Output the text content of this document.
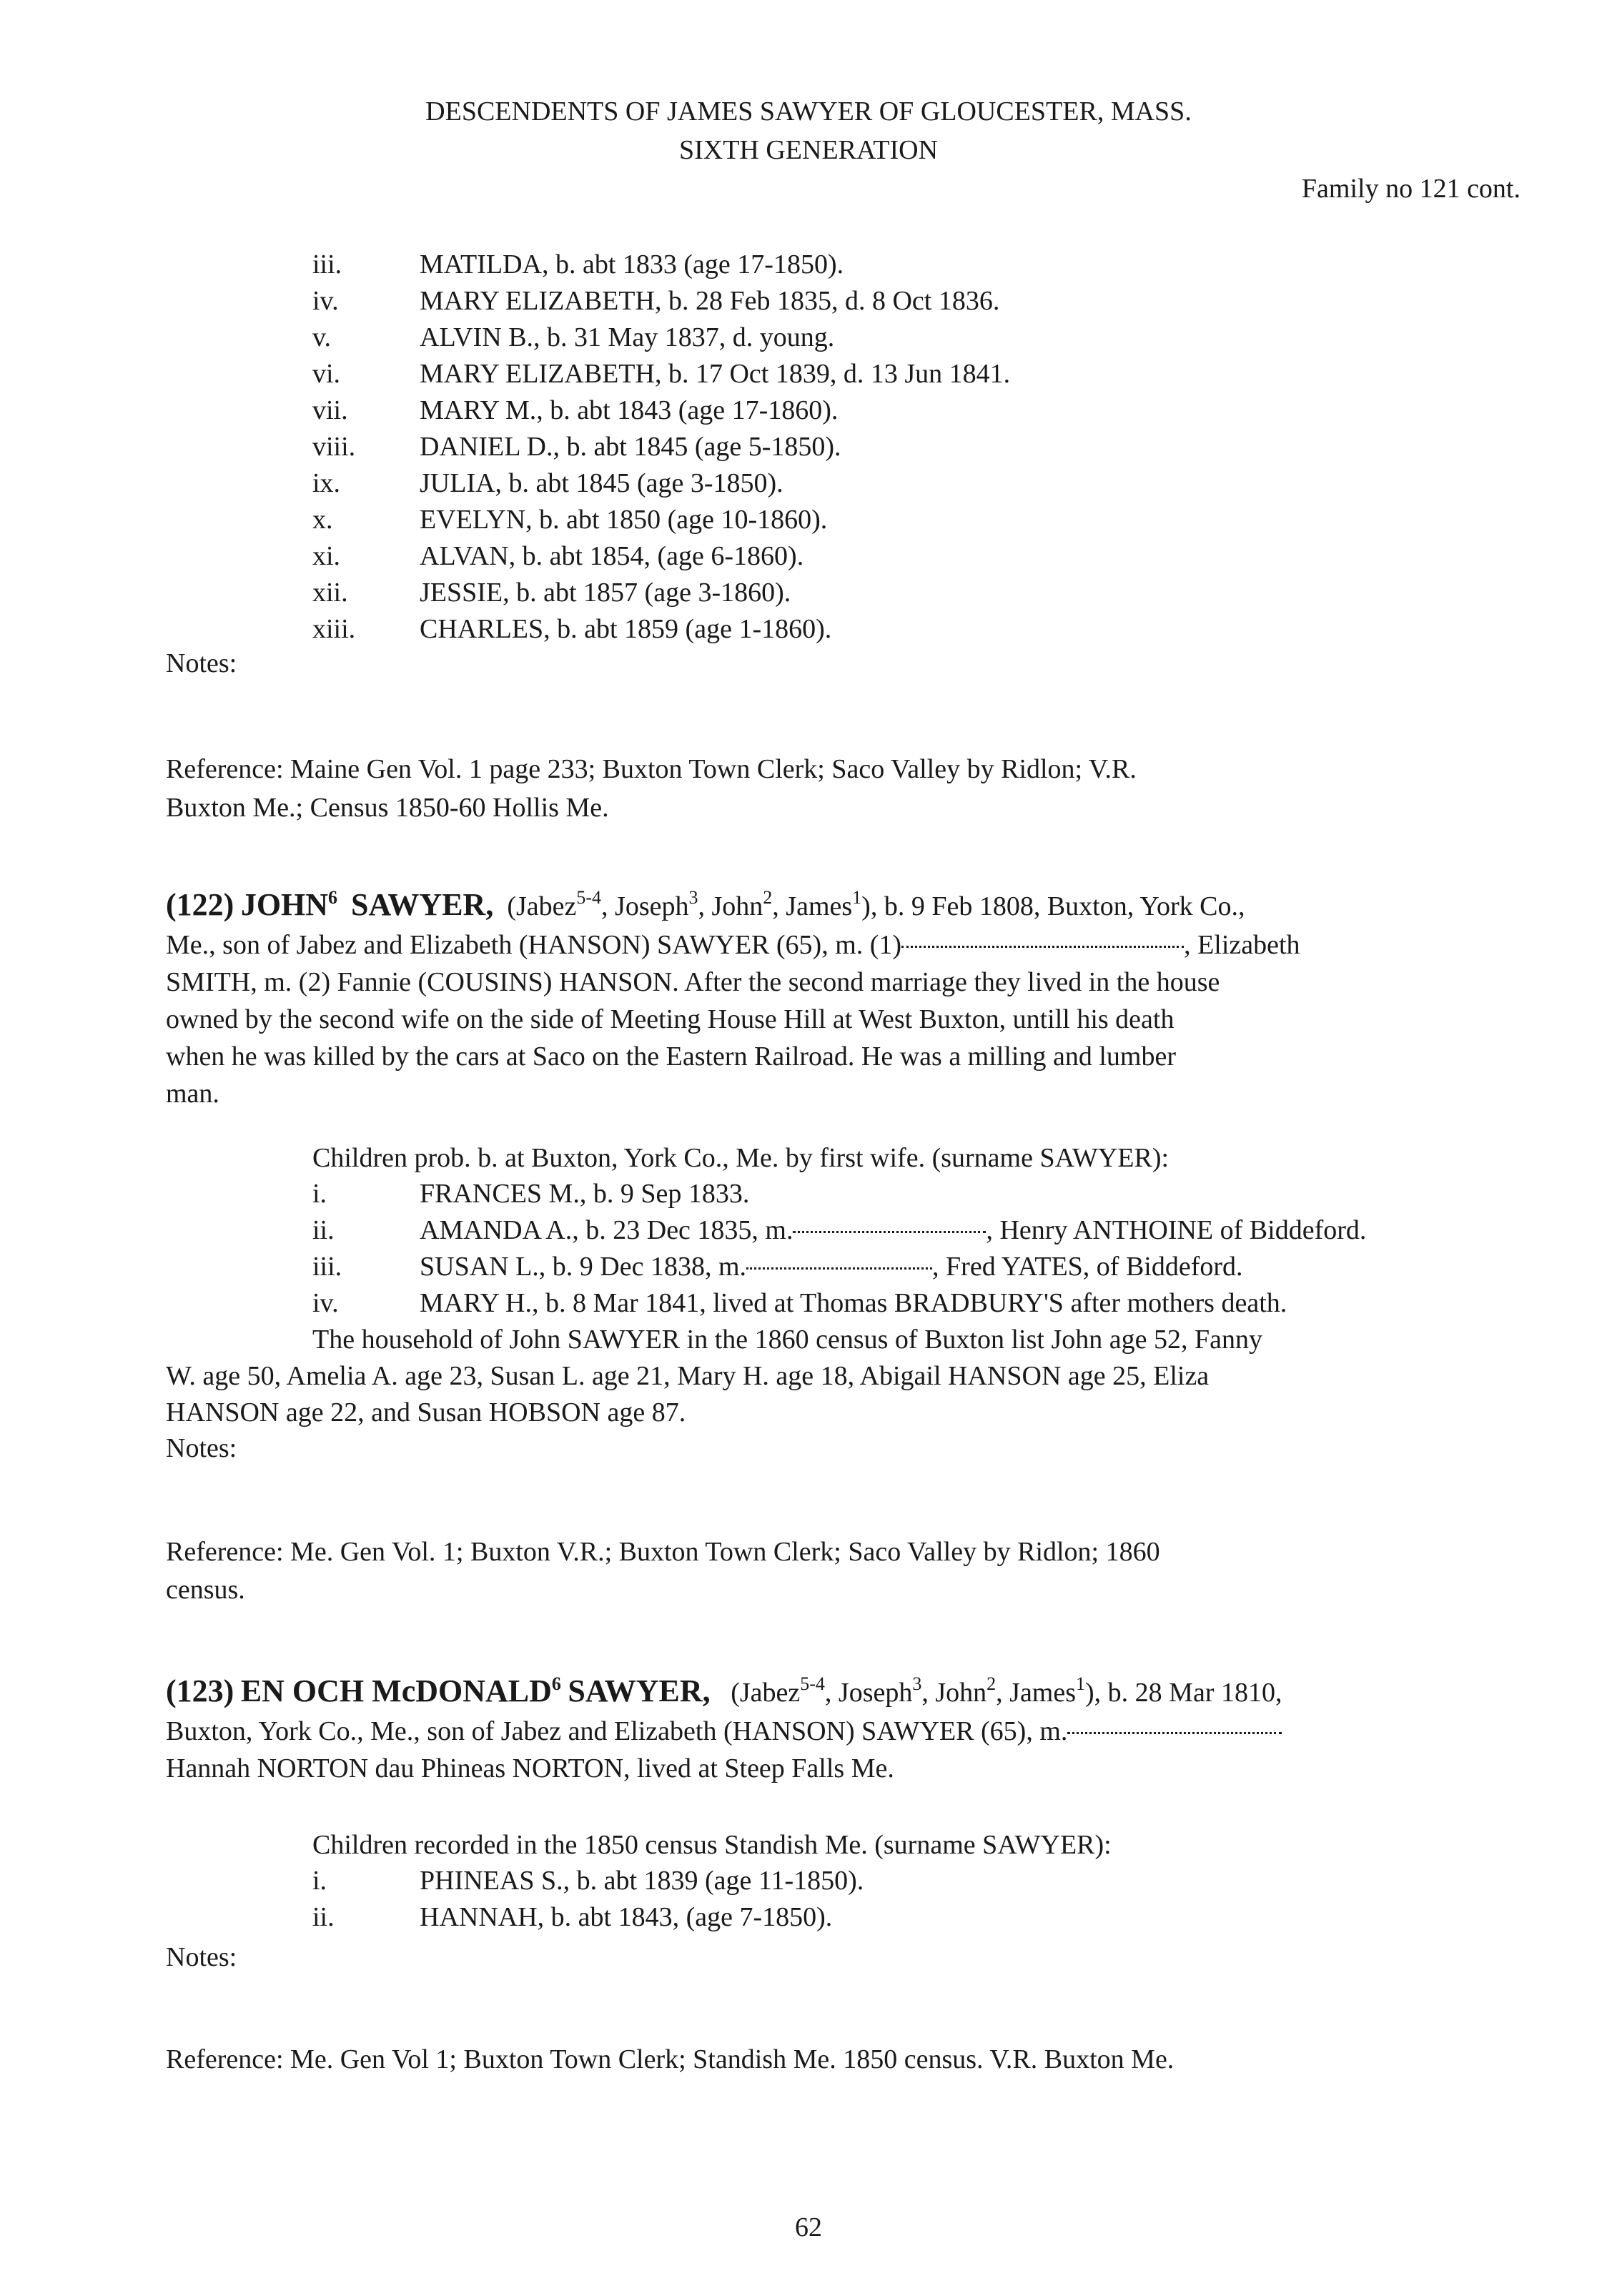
DESCENDENTS OF JAMES SAWYER OF GLOUCESTER, MASS.
SIXTH GENERATION
Family no 121 cont.
iii.	MATILDA, b. abt 1833 (age 17-1850).
iv.	MARY ELIZABETH, b. 28 Feb 1835, d. 8 Oct 1836.
v.	ALVIN B., b. 31 May 1837, d. young.
vi.	MARY ELIZABETH, b. 17 Oct 1839, d. 13 Jun 1841.
vii.	MARY M., b. abt 1843 (age 17-1860).
viii. DANIEL D., b. abt 1845 (age 5-1850).
ix.	JULIA, b. abt 1845 (age 3-1850).
x.	EVELYN, b. abt 1850 (age 10-1860).
xi.	ALVAN, b. abt 1854, (age 6-1860).
xii.	JESSIE, b. abt 1857 (age 3-1860).
xiii. CHARLES, b. abt 1859 (age 1-1860).
Notes:
Reference: Maine Gen Vol. 1 page 233; Buxton Town Clerk; Saco Valley by Ridlon; V.R.
Buxton Me.; Census 1850-60 Hollis Me.
(122) JOHN$^6$ SAWYER, (Jabez$^{5-4}$, Joseph$^3$, John$^2$, James$^1$), b. 9 Feb 1808, Buxton, York Co.,
Me., son of Jabez and Elizabeth (HANSON) SAWYER (65), m. (1)	, Elizabeth
SMITH, m. (2) Fannie (COUSINS) HANSON. After the second marriage they lived in the house
owned by the second wife on the side of Meeting House Hill at West Buxton, untill his death
when he was killed by the cars at Saco on the Eastern Railroad. He was a milling and lumber
man.
Children prob. b. at Buxton, York Co., Me. by first wife. (surname SAWYER):
i.	FRANCES M., b. 9 Sep 1833.
ii.	AMANDA A., b. 23 Dec 1835, m.	, Henry ANTHOINE of Biddeford.
iii.	SUSAN L., b. 9 Dec 1838, m.	, Fred YATES, of Biddeford.
iv.	MARY H., b. 8 Mar 1841, lived at Thomas BRADBURY'S after mothers death.
The household of John SAWYER in the 1860 census of Buxton list John age 52, Fanny
W. age 50, Amelia A. age 23, Susan L. age 21, Mary H. age 18, Abigail HANSON age 25, Eliza
HANSON age 22, and Susan HOBSON age 87.
Notes:
Reference: Me. Gen Vol. 1; Buxton V.R.; Buxton Town Clerk; Saco Valley by Ridlon; 1860
census.
(123) EN OCH McDONALD$^6$ SAWYER, (Jabez$^{5-4}$, Joseph$^3$, John$^2$, James$^1$), b. 28 Mar 1810,
Buxton, York Co., Me., son of Jabez and Elizabeth (HANSON) SAWYER (65), m.
Hannah NORTON dau Phineas NORTON, lived at Steep Falls Me.
Children recorded in the 1850 census Standish Me. (surname SAWYER):
i.	PHINEAS S., b. abt 1839 (age 11-1850).
ii.	HANNAH, b. abt 1843, (age 7-1850).
Notes:
Reference: Me. Gen Vol 1; Buxton Town Clerk; Standish Me. 1850 census. V.R. Buxton Me.
62
